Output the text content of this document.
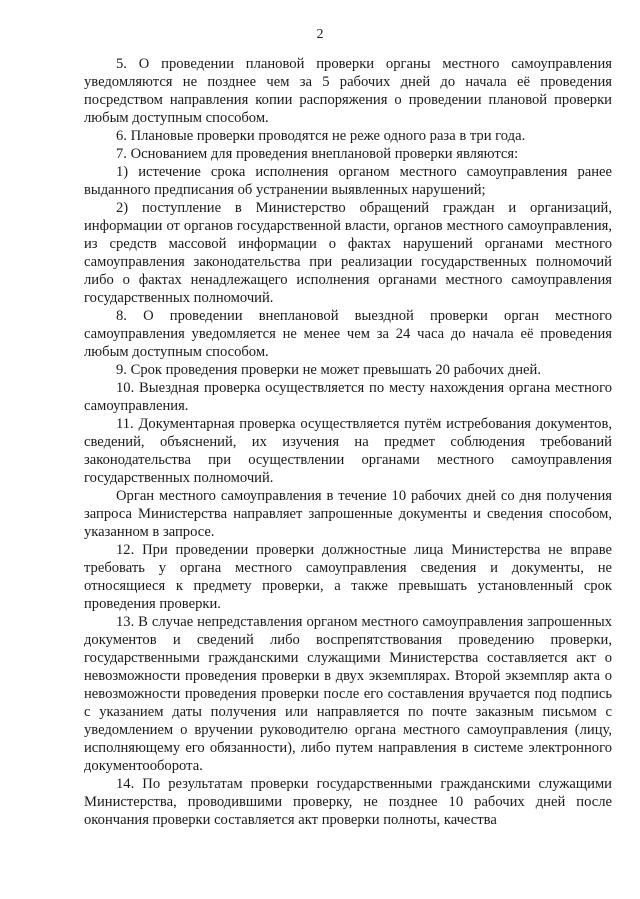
2

5. О проведении плановой проверки органы местного самоуправления уведомляются не позднее чем за 5 рабочих дней до начала её проведения посредством направления копии распоряжения о проведении плановой проверки любым доступным способом.

6. Плановые проверки проводятся не реже одного раза в три года.

7. Основанием для проведения внеплановой проверки являются:

1) истечение срока исполнения органом местного самоуправления ранее выданного предписания об устранении выявленных нарушений;

2) поступление в Министерство обращений граждан и организаций, информации от органов государственной власти, органов местного самоуправления, из средств массовой информации о фактах нарушений органами местного самоуправления законодательства при реализации государственных полномочий либо о фактах ненадлежащего исполнения органами местного самоуправления государственных полномочий.

8. О проведении внеплановой выездной проверки орган местного самоуправления уведомляется не менее чем за 24 часа до начала её проведения любым доступным способом.

9. Срок проведения проверки не может превышать 20 рабочих дней.

10. Выездная проверка осуществляется по месту нахождения органа местного самоуправления.

11. Документарная проверка осуществляется путём истребования документов, сведений, объяснений, их изучения на предмет соблюдения требований законодательства при осуществлении органами местного самоуправления государственных полномочий.

Орган местного самоуправления в течение 10 рабочих дней со дня получения запроса Министерства направляет запрошенные документы и сведения способом, указанном в запросе.

12. При проведении проверки должностные лица Министерства не вправе требовать у органа местного самоуправления сведения и документы, не относящиеся к предмету проверки, а также превышать установленный срок проведения проверки.

13. В случае непредставления органом местного самоуправления запрошенных документов и сведений либо воспрепятствования проведению проверки, государственными гражданскими служащими Министерства составляется акт о невозможности проведения проверки в двух экземплярах. Второй экземпляр акта о невозможности проведения проверки после его составления вручается под подпись с указанием даты получения или направляется по почте заказным письмом с уведомлением о вручении руководителю органа местного самоуправления (лицу, исполняющему его обязанности), либо путем направления в системе электронного документооборота.

14. По результатам проверки государственными гражданскими служащими Министерства, проводившими проверку, не позднее 10 рабочих дней после окончания проверки составляется акт проверки полноты, качества
